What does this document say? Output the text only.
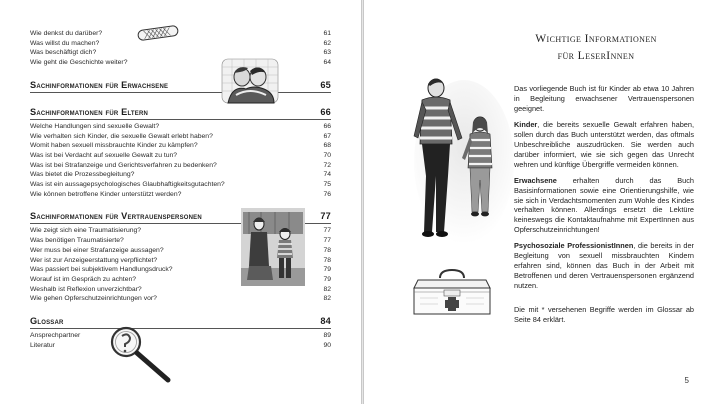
Wie denkst du darüber?	61
Was willst du machen?	62
Was beschäftigt dich?	63
Wie geht die Geschichte weiter?	64
Sachinformationen für Erwachsene	65
Sachinformationen für Eltern	66
Welche Handlungen sind sexuelle Gewalt?	66
Wie verhalten sich Kinder, die sexuelle Gewalt erlebt haben?	67
Womit haben sexuell missbrauchte Kinder zu kämpfen?	68
Was ist bei Verdacht auf sexuelle Gewalt zu tun?	70
Was ist bei Strafanzeige und Gerichtsverfahren zu bedenken?	72
Was bietet die Prozessbegleitung?	74
Was ist ein aussagepsychologisches Glaubhaftigkeitsgutachten?	75
Wie können betroffene Kinder unterstützt werden?	76
Sachinformationen für Vertrauenspersonen	77
Wie zeigt sich eine Traumatisierung?	77
Was benötigen Traumatisierte?	77
Wer muss bei einer Strafanzeige aussagen?	78
Wer ist zur Anzeigeerstattung verpflichtet?	78
Was passiert bei subjektivem Handlungsdruck?	79
Worauf ist im Gespräch zu achten?	79
Weshalb ist Reflexion unverzichtbar?	82
Wie gehen Opferschutzeinrichtungen vor?	82
Glossar	84
Ansprechpartner	89
Literatur	90
Wichtige Informationen
für LeserInnen

Das vorliegende Buch ist für Kinder ab etwa 10 Jahren in Begleitung erwachsener Vertrauenspersonen geeignet.

Kinder, die bereits sexuelle Gewalt erfahren haben, sollen durch das Buch unterstützt werden, das oftmals Unbeschreibliche auszudrücken. Sie werden auch darüber informiert, wie sie sich gegen das Unrecht wehren und künftige Übergriffe vermeiden können.

Erwachsene erhalten durch das Buch Basisinformationen sowie eine Orientierungshilfe, wie sie sich in Verdachtsmomenten zum Wohle des Kindes verhalten können. Allerdings ersetzt die Lektüre keineswegs die Kontaktaufnahme mit ExpertInnen aus Opferschutzeinrichtungen!

Psychosoziale ProfessionistInnen, die bereits in der Begleitung von sexuell missbrauchten Kindern erfahren sind, können das Buch in der Arbeit mit Betroffenen und deren Vertrauenspersonen ergänzend nutzen.

Die mit * versehenen Begriffe werden im Glossar ab Seite 84 erklärt.

5
